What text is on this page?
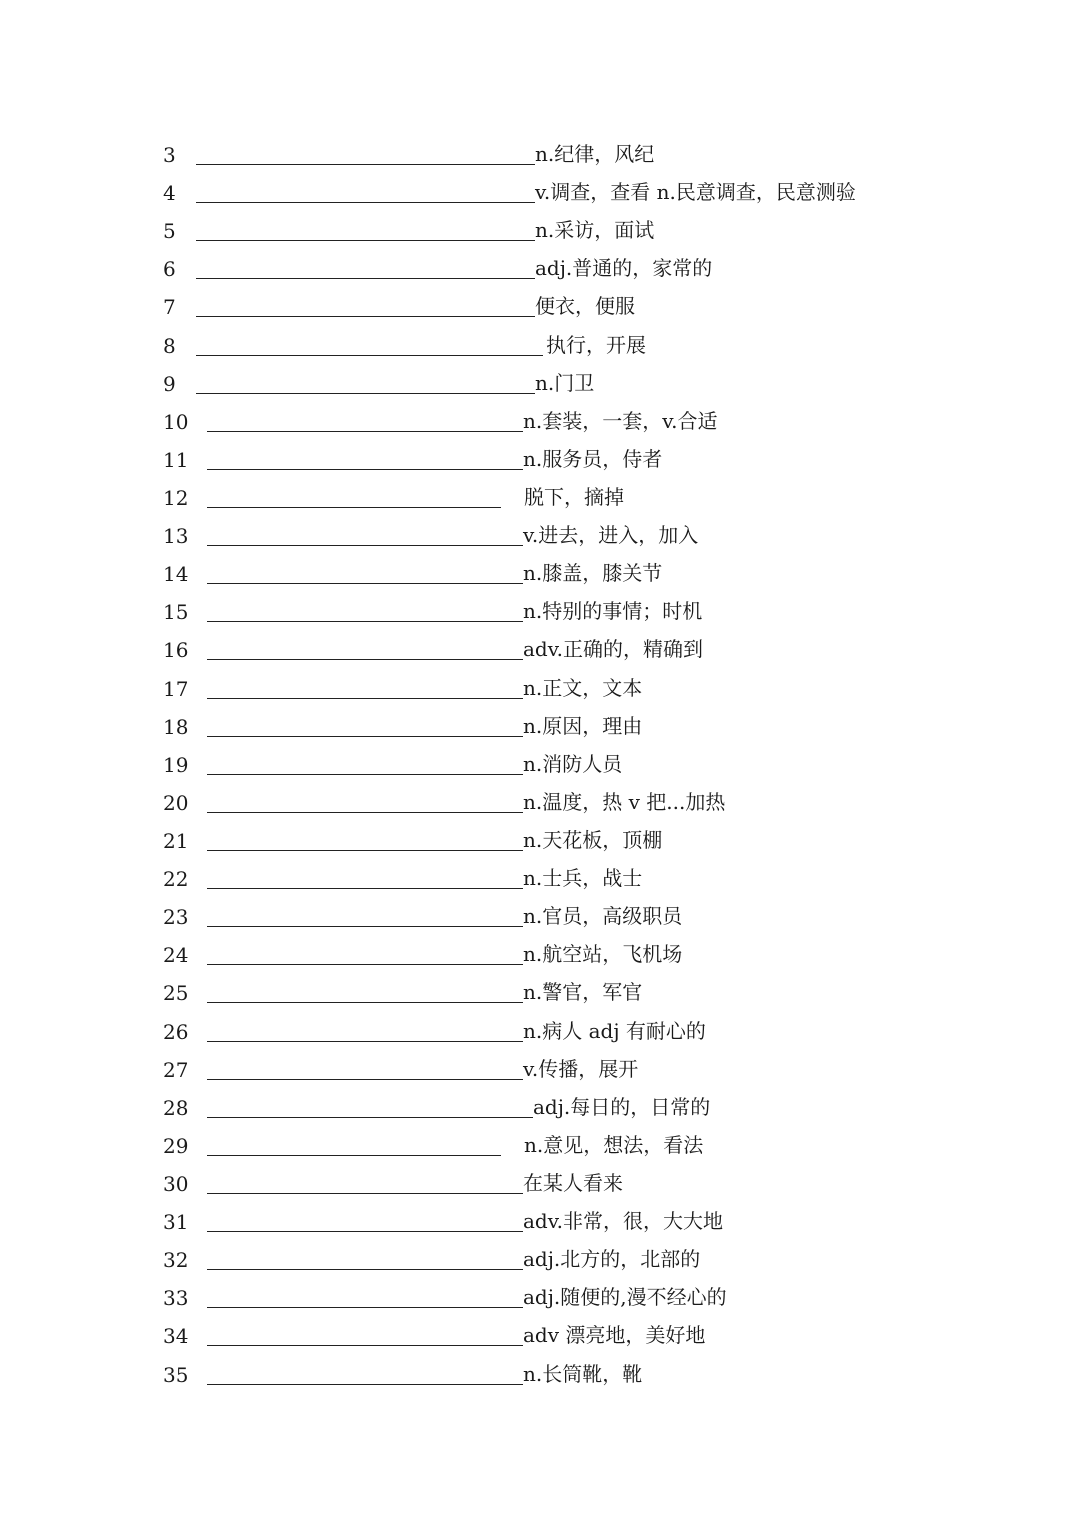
3	n.纪律，风纪
4	v.调查，查看 n.民意调查，民意测验
5	n.采访，面试
6	adj.普通的，家常的
7	便衣，便服
8	执行，开展
9	n.门卫
10	n.套装，一套，v.合适
11	n.服务员，侍者
12	脱下，摘掉
13	v.进去，进入，加入
14	n.膝盖，膝关节
15	n.特别的事情；时机
16	adv.正确的，精确到
17	n.正文，文本
18	n.原因，理由
19	n.消防人员
20	n.温度，热 v 把...加热
21	n.天花板，顶棚
22	n.士兵，战士
23	n.官员，高级职员
24	n.航空站，飞机场
25	n.警官，军官
26	n.病人 adj 有耐心的
27	v.传播，展开
28	adj.每日的，日常的
29	n.意见，想法，看法
30	在某人看来
31	adv.非常，很，大大地
32	adj.北方的，北部的
33	adj.随便的,漫不经心的
34	adv 漂亮地，美好地
35	n.长筒靴，靴
